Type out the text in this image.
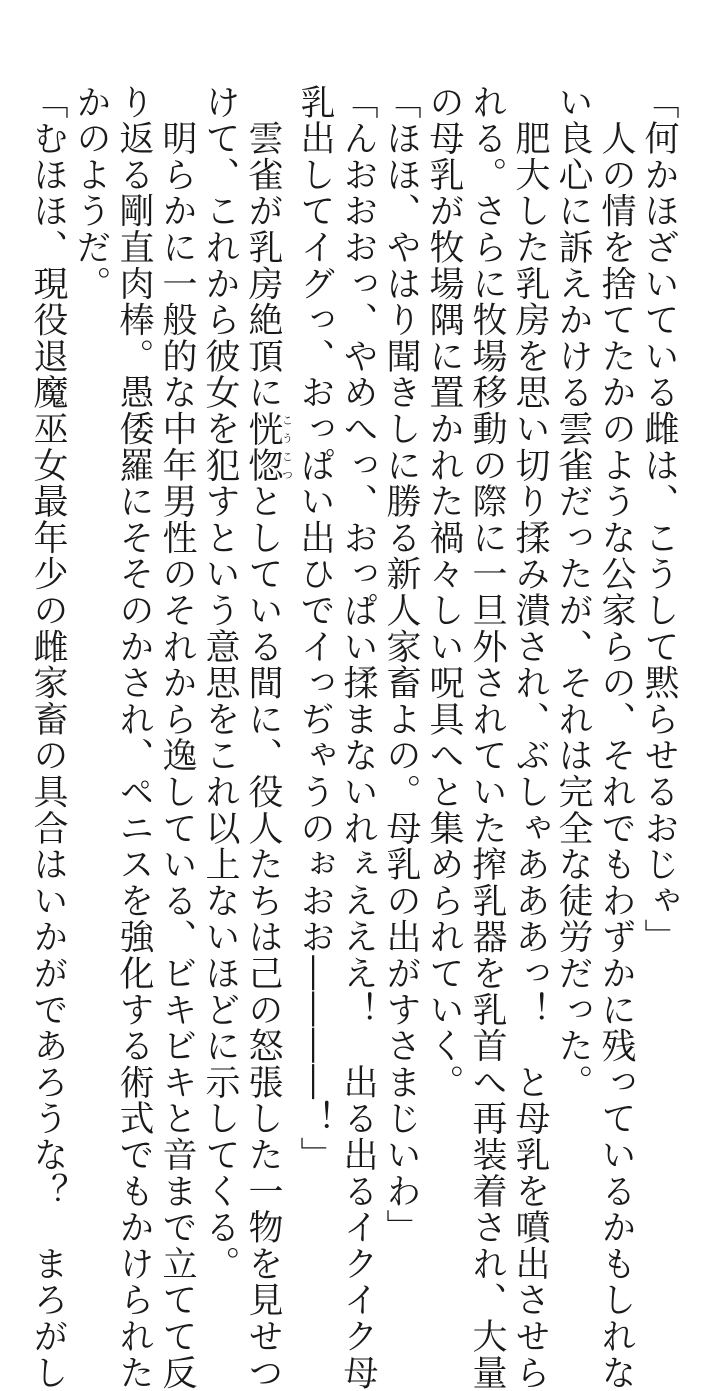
「何かほざいている雌は、こうして黙らせるおじゃ」
　人の情を捨てたかのような公家らの、それでもわずかに残っているかもしれな
い良心に訴えかける雲雀だったが、それは完全な徒労だった。
　肥大した乳房を思い切り揉み潰され、ぶしゃあああっ！　と母乳を噴出させら
れる。さらに牧場移動の際に一旦外されていた搾乳器を乳首へ再装着され、大量
の母乳が牧場隅に置かれた禍々しい呪具へと集められていく。
「ほほ、やはり聞きしに勝る新人家畜よの。母乳の出がすさまじいわ」
「んおおおっ、やめへっ、おっぱい揉まないれぇえええ！　出る出るイクイク母
乳出してイグっ、おっぱい出ひでイっぢゃうのぉおお――――！」
　雲雀が乳房絶頂に恍惚こうこつとしている間に、役人たちは己の怒張した一物を見せつ
けて、これから彼女を犯すという意思をこれ以上ないほどに示してくる。
　明らかに一般的な中年男性のそれから逸している、ビキビキと音まで立てて反
り返る剛直肉棒。愚倭羅にそそのかされ、ペニスを強化する術式でもかけられた
かのようだ。
「むほほ、現役退魔巫女最年少の雌家畜の具合はいかがであろうな？　まろがし
